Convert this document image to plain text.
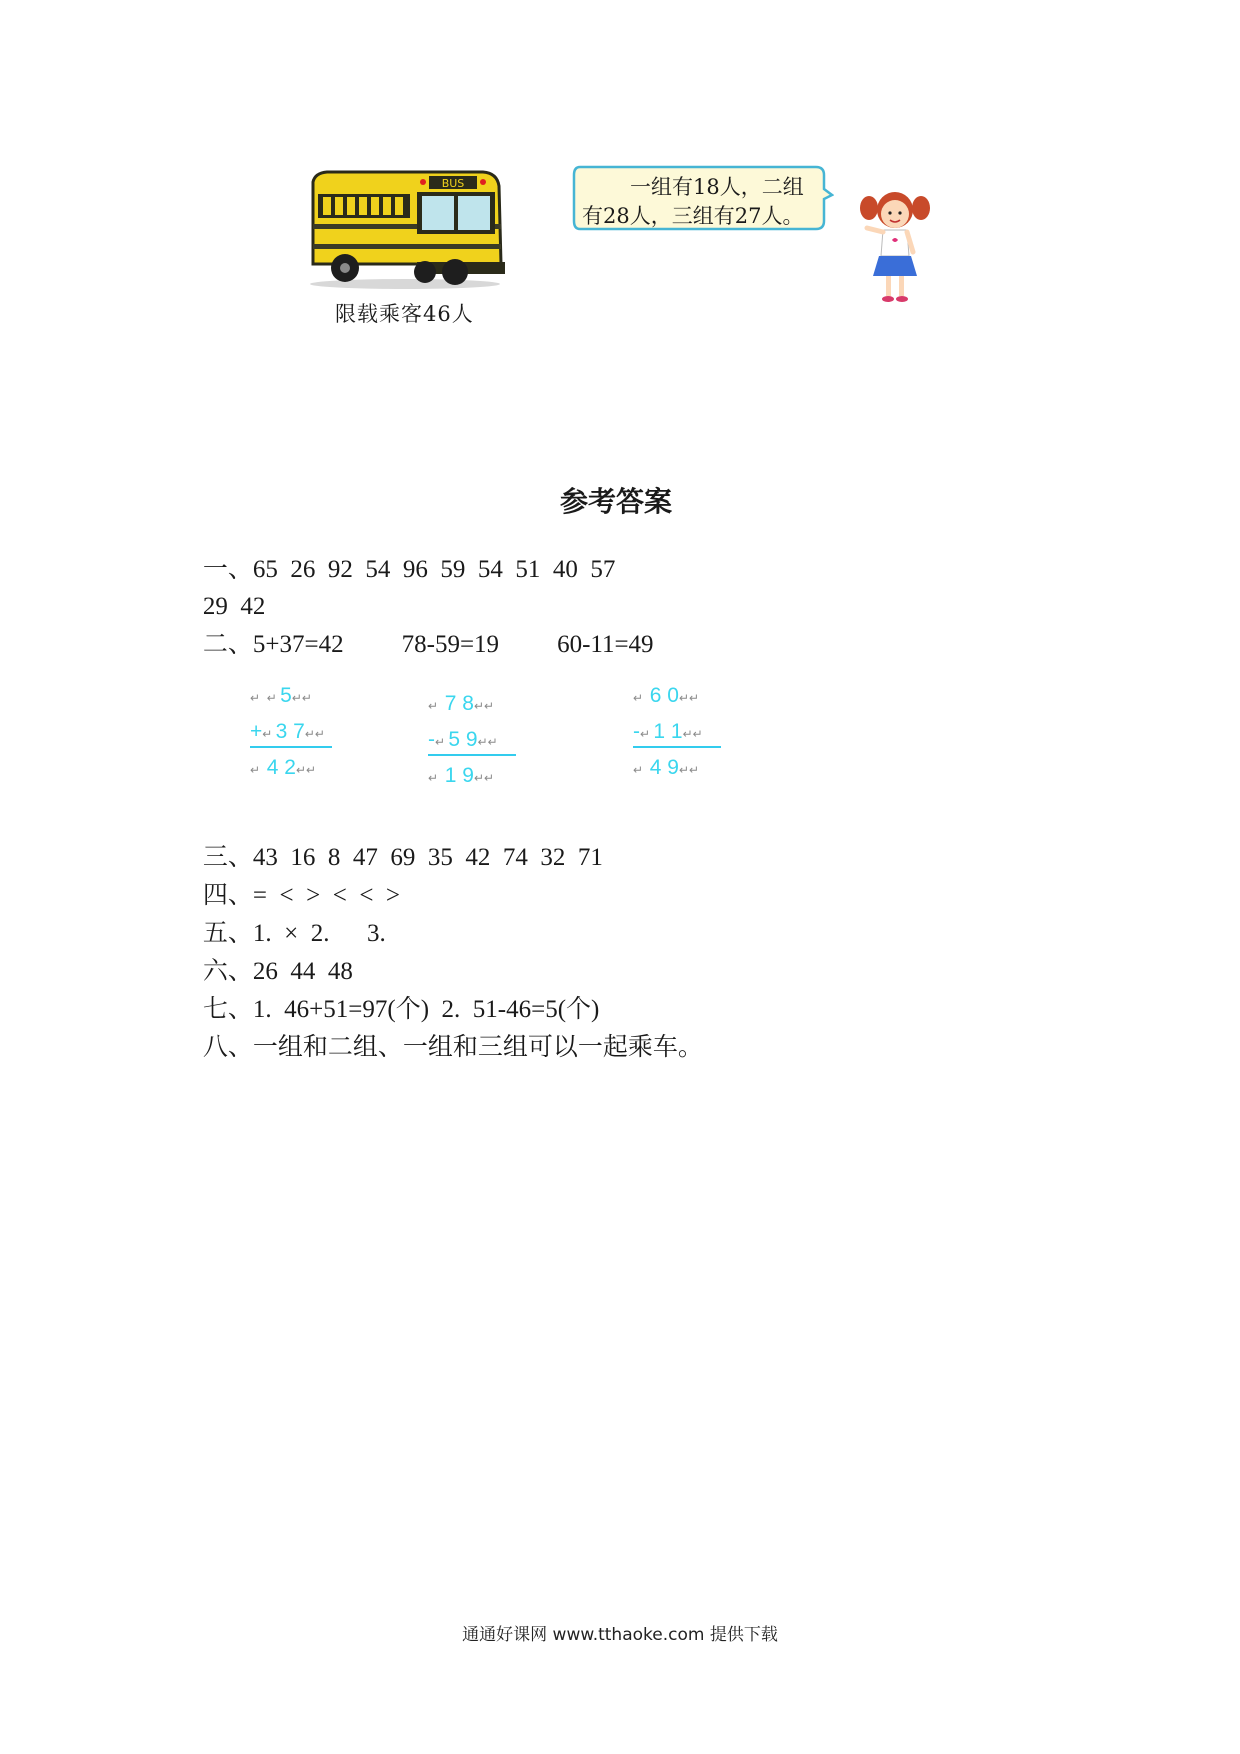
BUS
限载乘客46人
一组有18人，二组
有28人，三组有27人。
参考答案

一、65  26  92  54  96  59  54  51  40  57

29  42

二、5+37=42 78-59=19 60-11=49

↵  ↵ 5↵↵
+↵ 3 7↵↵
↵  4 2↵↵
↵  7 8↵↵
-↵ 5 9↵↵
↵  1 9↵↵
↵  6 0↵↵
-↵ 1 1↵↵
↵  4 9↵↵

三、43  16  8  47  69  35  42  74  32  71

四、=  <  >  <  <  >

五、1.  ×  2.      3.

六、26  44  48

七、1.  46+51=97(个)  2.  51-46=5(个)

八、一组和二组、一组和三组可以一起乘车。

通通好课网 www.tthaoke.com 提供下载
